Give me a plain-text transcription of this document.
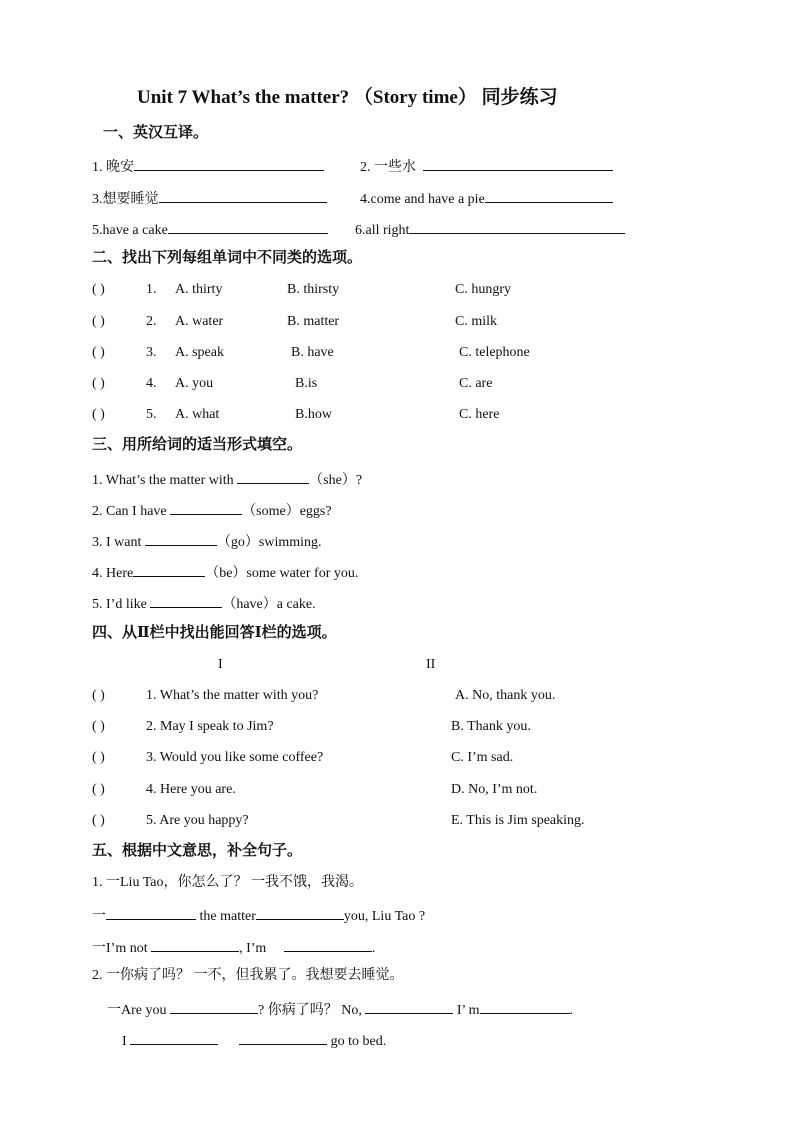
Unit 7 What’s the matter? （Story time） 同步练习
一、英汉互译。
1. 晚安	2. 一些水
3.想要睡觉	4.come and have a pie
5.have a cake	6.all right
二、找出下列每组单词中不同类的选项。
( )	1. A. thirty	B. thirsty	C. hungry
( )	2. A. water	B. matter	C. milk
( )	3. A. speak	B. have	C. telephone
( )	4. A. you	B.is	C. are
( )	5. A. what	B.how	C. here
三、用所给词的适当形式填空。
1. What’s the matter with	（she）?
2. Can I have	（some）eggs?
3. I want	（go）swimming.
4. Here	（be）some water for you.
5. I’d like	（have）a cake.
四、从Ⅱ栏中找出能回答Ⅰ栏的选项。
I	II
( )	1. What’s the matter with you?	A. No, thank you.
( )	2. May I speak to Jim?	B. Thank you.
( )	3. Would you like some coffee?	C. I’m sad.
( )	4. Here you are.	D. No, I’m not.
( )	5. Are you happy?	E. This is Jim speaking.
五、根据中文意思，补全句子。
1. 一Liu Tao，你怎么了？ 一我不饿，我渴。
一	the matter	you, Liu Tao ?
一I’m not	, I’m	.
2. 一你病了吗？ 一不，但我累了。我想要去睡觉。
一Are you	? 你病了吗？ No,	I’ m	.
I	go to bed.
